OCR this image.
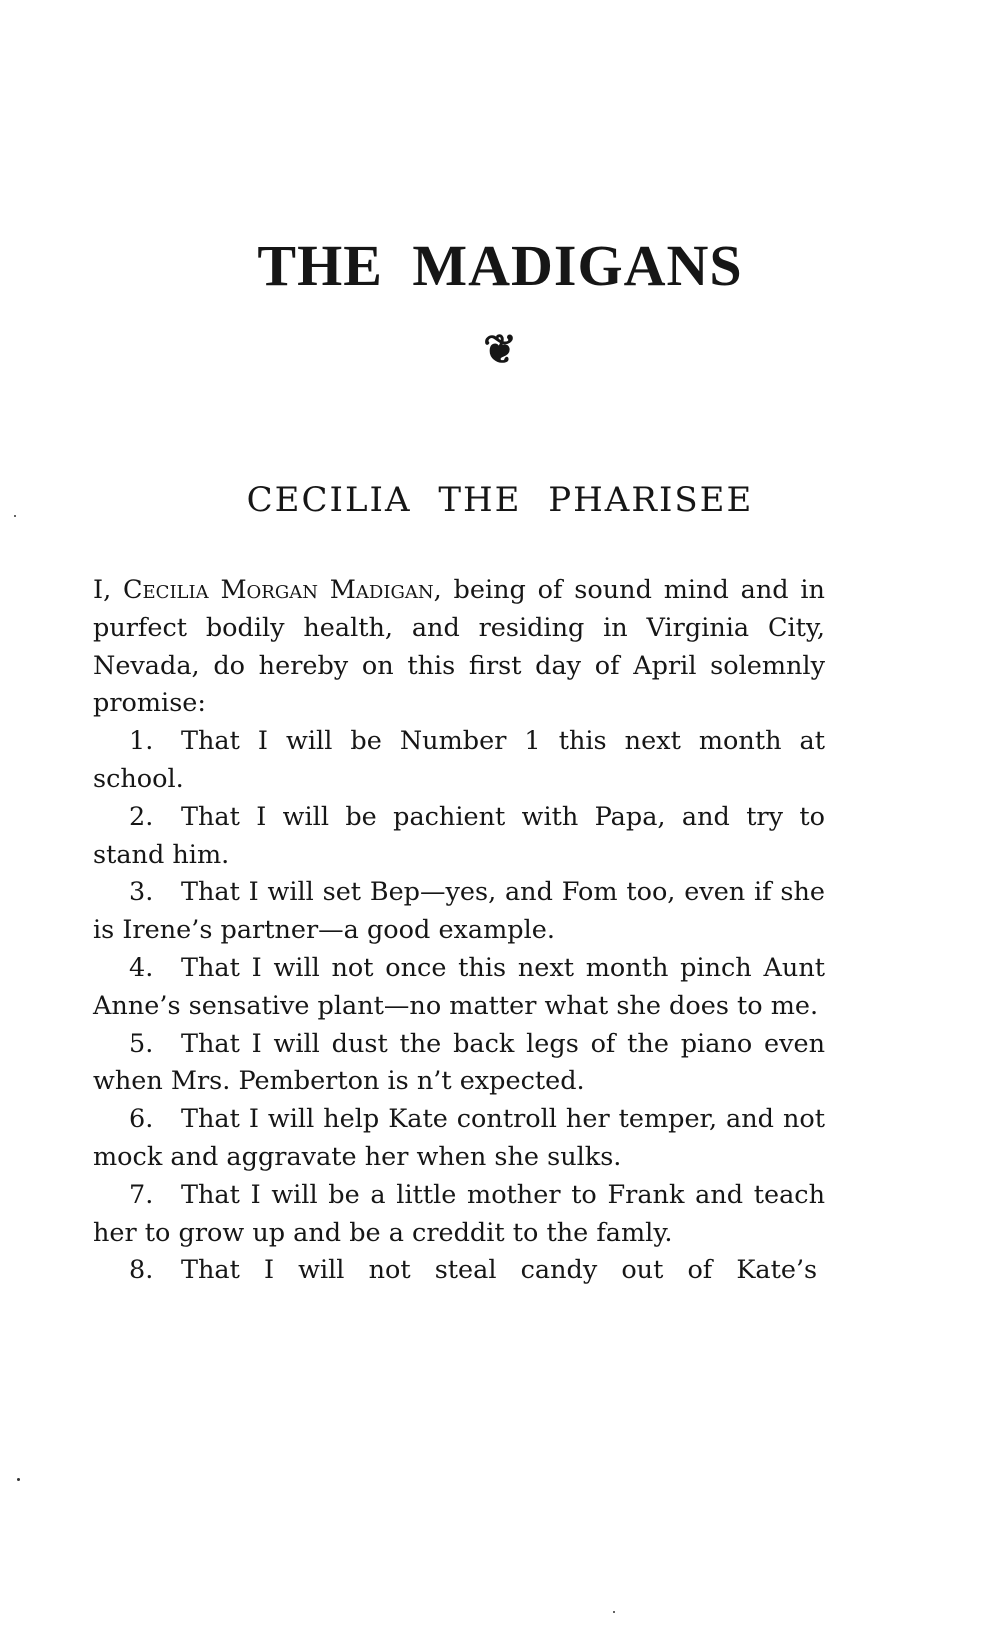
THE MADIGANS
❦
CECILIA THE PHARISEE

I, Cecilia Morgan Madigan, being of sound mind and in purfect bodily health, and residing in Virginia City, Nevada, do hereby on this first day of April solemnly promise:

1. That I will be Number 1 this next month at school.

2. That I will be pachient with Papa, and try to stand him.

3. That I will set Bep—yes, and Fom too, even if she is Irene’s partner—a good example.

4. That I will not once this next month pinch Aunt Anne’s sensative plant—no matter what she does to me.

5. That I will dust the back legs of the piano even when Mrs. Pemberton is n’t expected.

6. That I will help Kate controll her temper, and not mock and aggravate her when she sulks.

7. That I will be a little mother to Frank and teach her to grow up and be a creddit to the famly.

8. That I will not steal candy out of Kate’s
